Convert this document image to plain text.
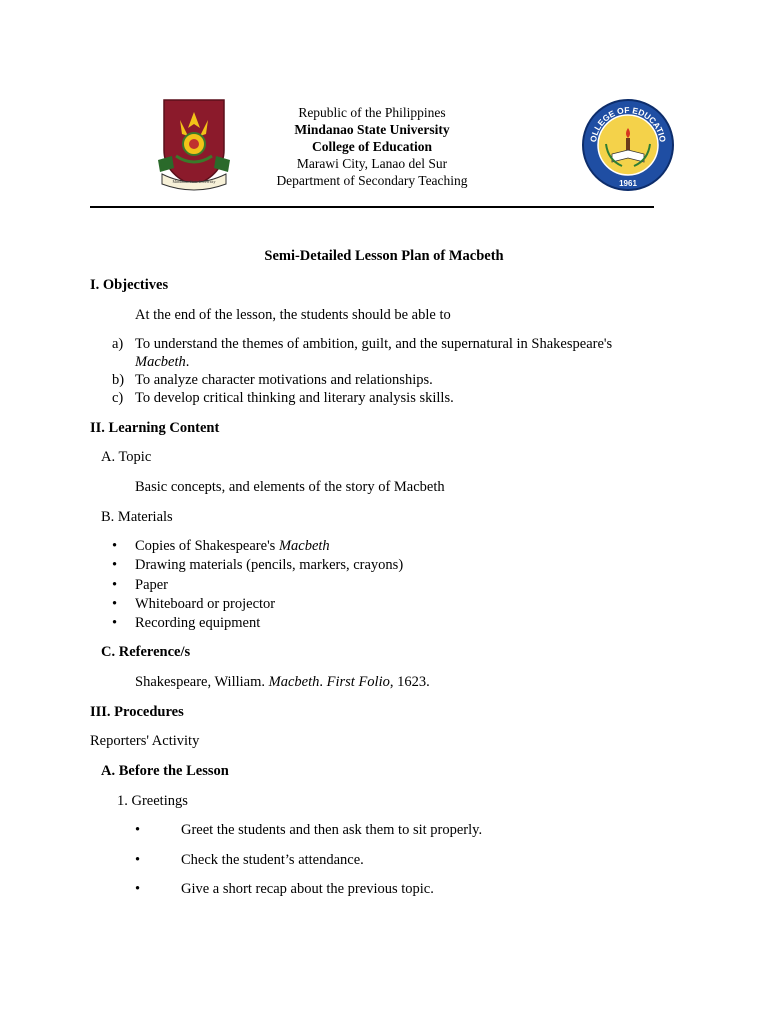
Mindanao State University
Republic of the Philippines
Mindanao State University
College of Education
Marawi City, Lanao del Sur
Department of Secondary Teaching
OLLEGE OF EDUCATIO
1961
Semi-Detailed Lesson Plan of Macbeth
I. Objectives
At the end of the lesson, the students should be able to
a) To understand the themes of ambition, guilt, and the supernatural in Shakespeare's
Macbeth.
b) To analyze character motivations and relationships.
c) To develop critical thinking and literary analysis skills.
II. Learning Content
A. Topic
Basic concepts, and elements of the story of Macbeth
B. Materials
• Copies of Shakespeare's Macbeth
• Drawing materials (pencils, markers, crayons)
• Paper
• Whiteboard or projector
• Recording equipment
C. Reference/s
Shakespeare, William. Macbeth. First Folio, 1623.
III. Procedures
Reporters' Activity
A. Before the Lesson
1. Greetings
•	Greet the students and then ask them to sit properly.
•	Check the student’s attendance.
•	Give a short recap about the previous topic.
